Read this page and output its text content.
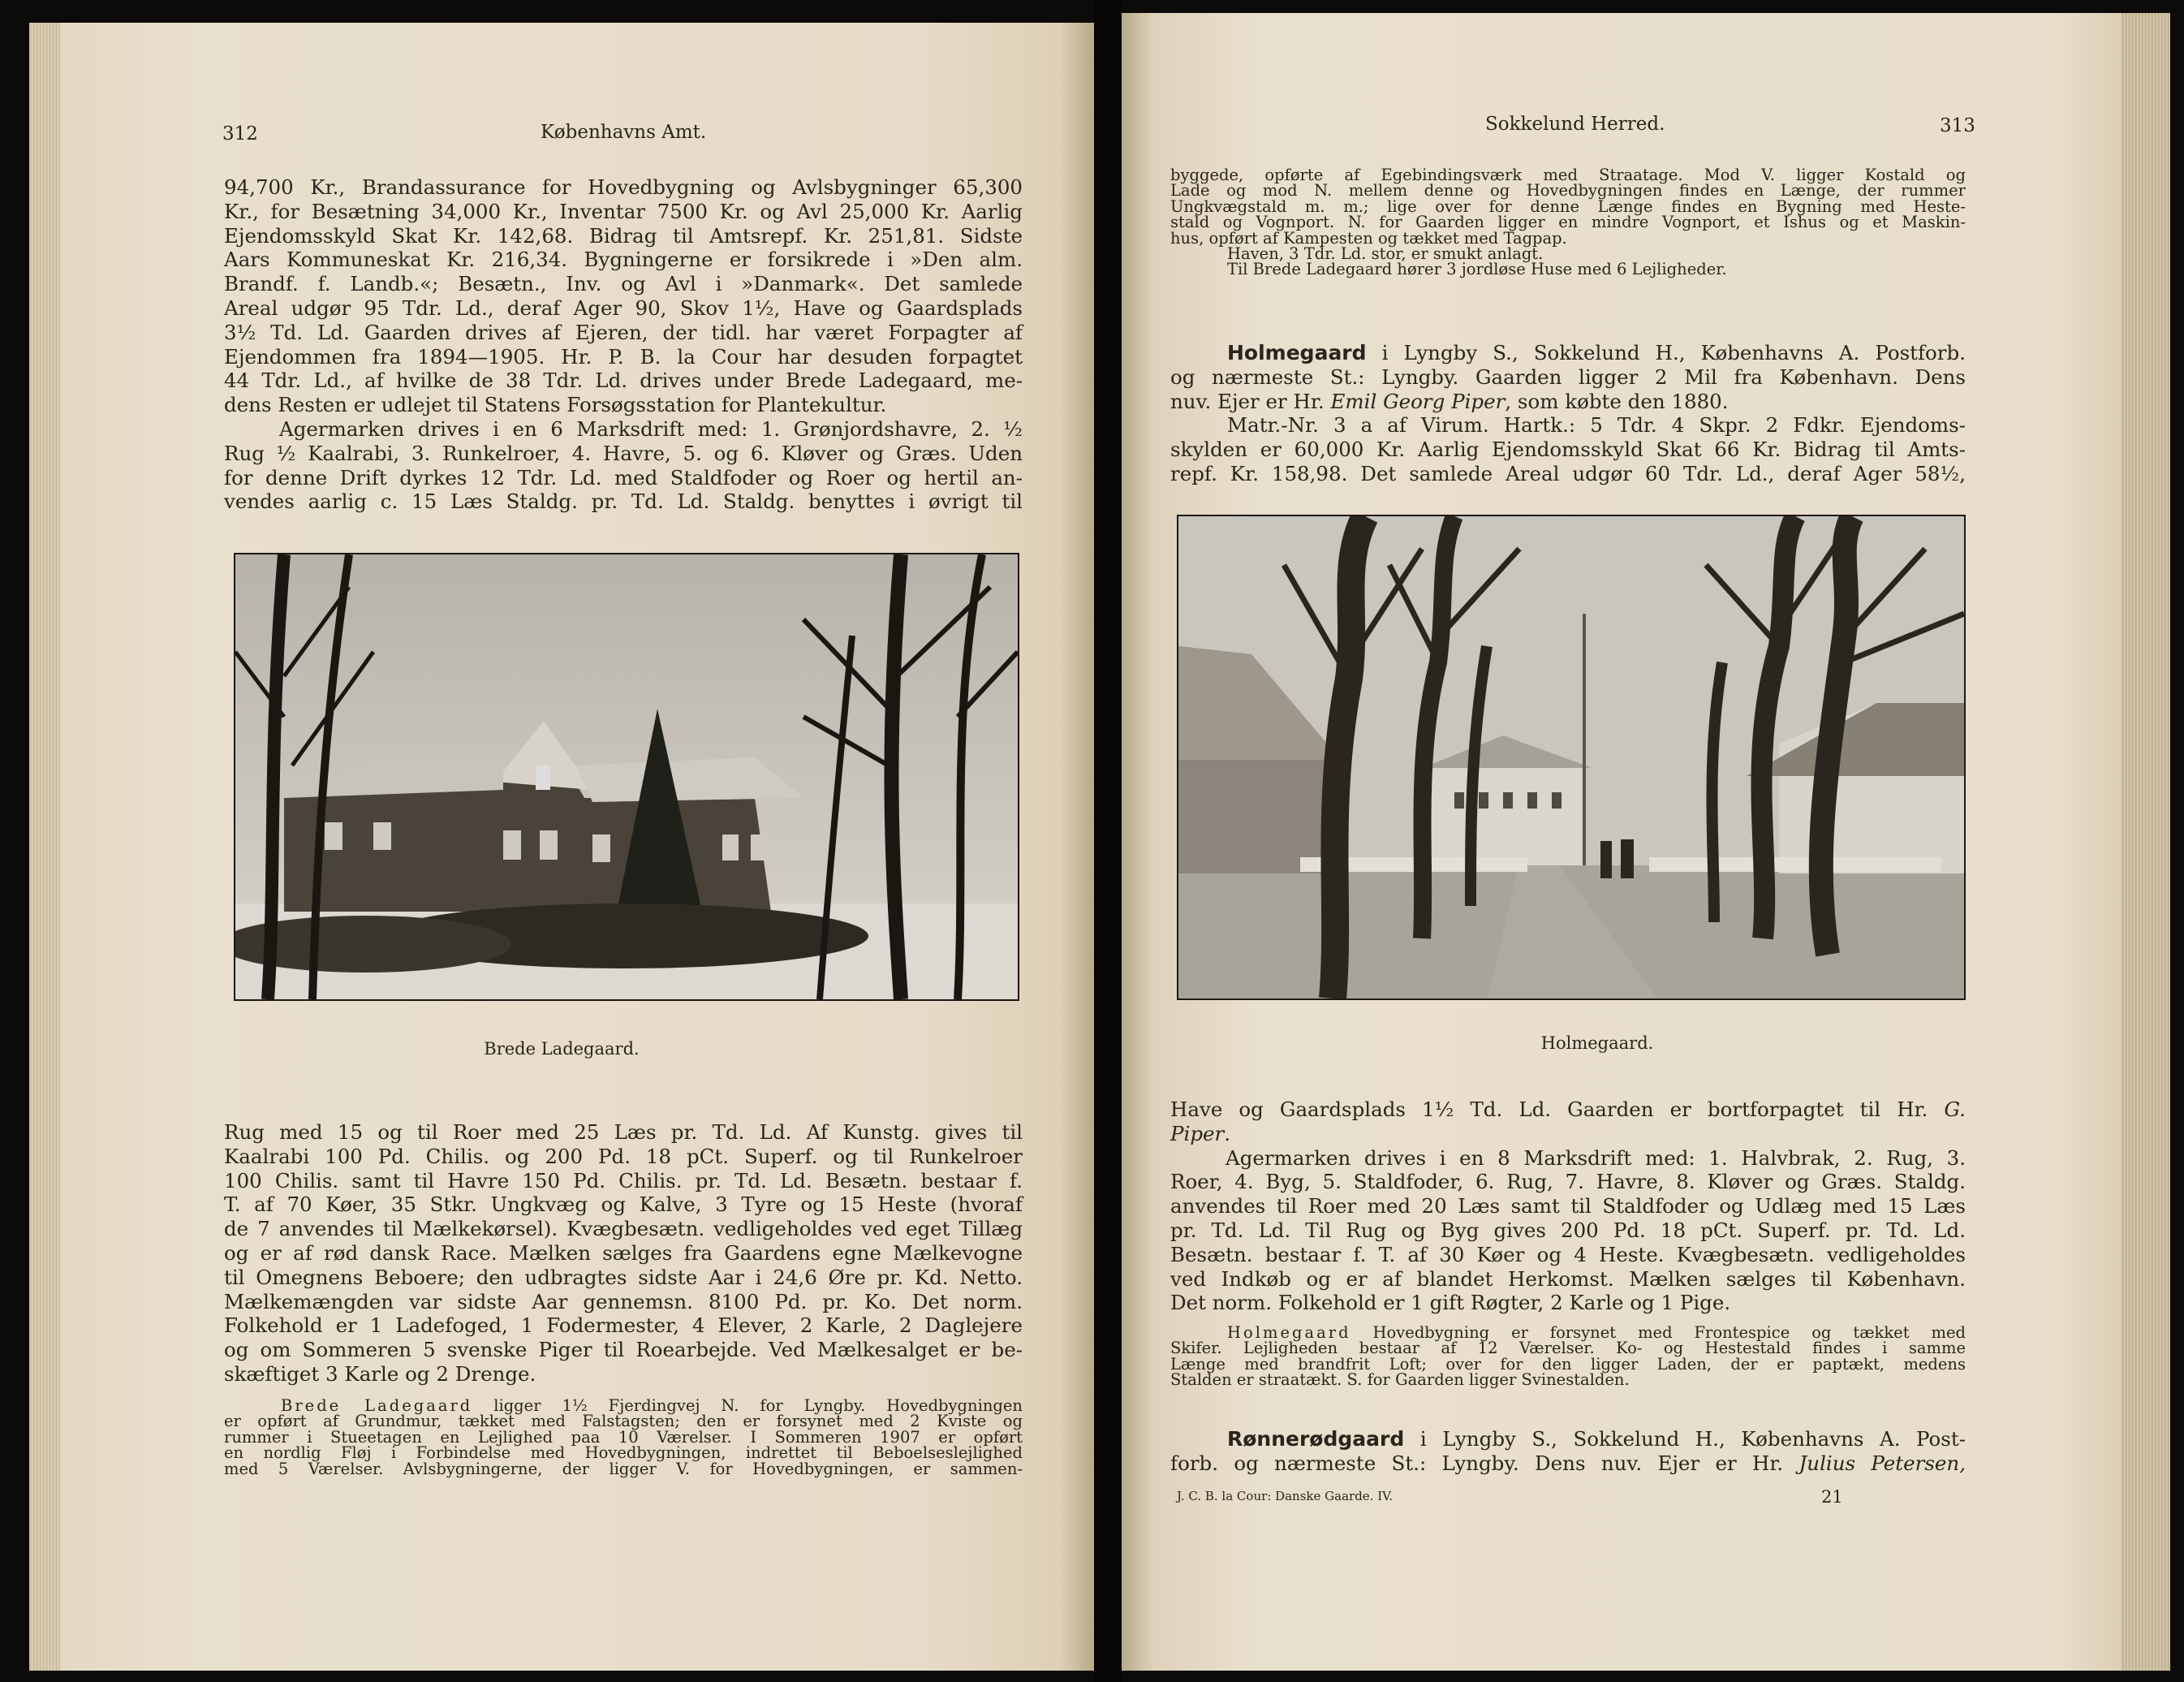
312	Københavns Amt.

94,700 Kr., Brandassurance for Hovedbygning og Avlsbygninger 65,300

Kr., for Besætning 34,000 Kr., Inventar 7500 Kr. og Avl 25,000 Kr. Aarlig

Ejendomsskyld Skat Kr. 142,68. Bidrag til Amtsrepf. Kr. 251,81. Sidste

Aars Kommuneskat Kr. 216,34. Bygningerne er forsikrede i »Den alm.

Brandf. f. Landb.«; Besætn., Inv. og Avl i »Danmark«. Det samlede

Areal udgør 95 Tdr. Ld., deraf Ager 90, Skov 1½, Have og Gaardsplads

3½ Td. Ld. Gaarden drives af Ejeren, der tidl. har været Forpagter af

Ejendommen fra 1894—1905. Hr. P. B. la Cour har desuden forpagtet

44 Tdr. Ld., af hvilke de 38 Tdr. Ld. drives under Brede Ladegaard, me-

dens Resten er udlejet til Statens Forsøgsstation for Plantekultur.

Agermarken drives i en 6 Marksdrift med: 1. Grønjordshavre, 2. ½

Rug ½ Kaalrabi, 3. Runkelroer, 4. Havre, 5. og 6. Kløver og Græs. Uden

for denne Drift dyrkes 12 Tdr. Ld. med Staldfoder og Roer og hertil an-

vendes aarlig c. 15 Læs Staldg. pr. Td. Ld. Staldg. benyttes i øvrigt til

Brede Ladegaard.

Rug med 15 og til Roer med 25 Læs pr. Td. Ld. Af Kunstg. gives til

Kaalrabi 100 Pd. Chilis. og 200 Pd. 18 pCt. Superf. og til Runkelroer

100 Chilis. samt til Havre 150 Pd. Chilis. pr. Td. Ld. Besætn. bestaar f.

T. af 70 Køer, 35 Stkr. Ungkvæg og Kalve, 3 Tyre og 15 Heste (hvoraf

de 7 anvendes til Mælkekørsel). Kvægbesætn. vedligeholdes ved eget Tillæg

og er af rød dansk Race. Mælken sælges fra Gaardens egne Mælkevogne

til Omegnens Beboere; den udbragtes sidste Aar i 24,6 Øre pr. Kd. Netto.

Mælkemængden var sidste Aar gennemsn. 8100 Pd. pr. Ko. Det norm.

Folkehold er 1 Ladefoged, 1 Fodermester, 4 Elever, 2 Karle, 2 Daglejere

og om Sommeren 5 svenske Piger til Roearbejde. Ved Mælkesalget er be-

skæftiget 3 Karle og 2 Drenge.

Brede Ladegaard ligger 1½ Fjerdingvej N. for Lyngby. Hovedbygningen

er opført af Grundmur, tækket med Falstagsten; den er forsynet med 2 Kviste og

rummer i Stueetagen en Lejlighed paa 10 Værelser. I Sommeren 1907 er opført

en nordlig Fløj i Forbindelse med Hovedbygningen, indrettet til Beboelseslejlighed

med 5 Værelser. Avlsbygningerne, der ligger V. for Hovedbygningen, er sammen-

Sokkelund Herred.	313

byggede, opførte af Egebindingsværk med Straatage. Mod V. ligger Kostald og

Lade og mod N. mellem denne og Hovedbygningen findes en Længe, der rummer

Ungkvægstald m. m.; lige over for denne Længe findes en Bygning med Heste-

stald og Vognport. N. for Gaarden ligger en mindre Vognport, et Ishus og et Maskin-

hus, opført af Kampesten og tækket med Tagpap.

Haven, 3 Tdr. Ld. stor, er smukt anlagt.

Til Brede Ladegaard hører 3 jordløse Huse med 6 Lejligheder.

Holmegaard i Lyngby S., Sokkelund H., Københavns A. Postforb.

og nærmeste St.: Lyngby. Gaarden ligger 2 Mil fra København. Dens

nuv. Ejer er Hr. Emil Georg Piper, som købte den 1880.

Matr.-Nr. 3 a af Virum. Hartk.: 5 Tdr. 4 Skpr. 2 Fdkr. Ejendoms-

skylden er 60,000 Kr. Aarlig Ejendomsskyld Skat 66 Kr. Bidrag til Amts-

repf. Kr. 158,98. Det samlede Areal udgør 60 Tdr. Ld., deraf Ager 58½,

Holmegaard.

Have og Gaardsplads 1½ Td. Ld. Gaarden er bortforpagtet til Hr. G.

Piper.

Agermarken drives i en 8 Marksdrift med: 1. Halvbrak, 2. Rug, 3.

Roer, 4. Byg, 5. Staldfoder, 6. Rug, 7. Havre, 8. Kløver og Græs. Staldg.

anvendes til Roer med 20 Læs samt til Staldfoder og Udlæg med 15 Læs

pr. Td. Ld. Til Rug og Byg gives 200 Pd. 18 pCt. Superf. pr. Td. Ld.

Besætn. bestaar f. T. af 30 Køer og 4 Heste. Kvægbesætn. vedligeholdes

ved Indkøb og er af blandet Herkomst. Mælken sælges til København.

Det norm. Folkehold er 1 gift Røgter, 2 Karle og 1 Pige.

Holmegaard Hovedbygning er forsynet med Frontespice og tækket med

Skifer. Lejligheden bestaar af 12 Værelser. Ko- og Hestestald findes i samme

Længe med brandfrit Loft; over for den ligger Laden, der er paptækt, medens

Stalden er straatækt. S. for Gaarden ligger Svinestalden.

Rønnerødgaard i Lyngby S., Sokkelund H., Københavns A. Post-

forb. og nærmeste St.: Lyngby. Dens nuv. Ejer er Hr. Julius Petersen,

J. C. B. la Cour: Danske Gaarde. IV.	21
